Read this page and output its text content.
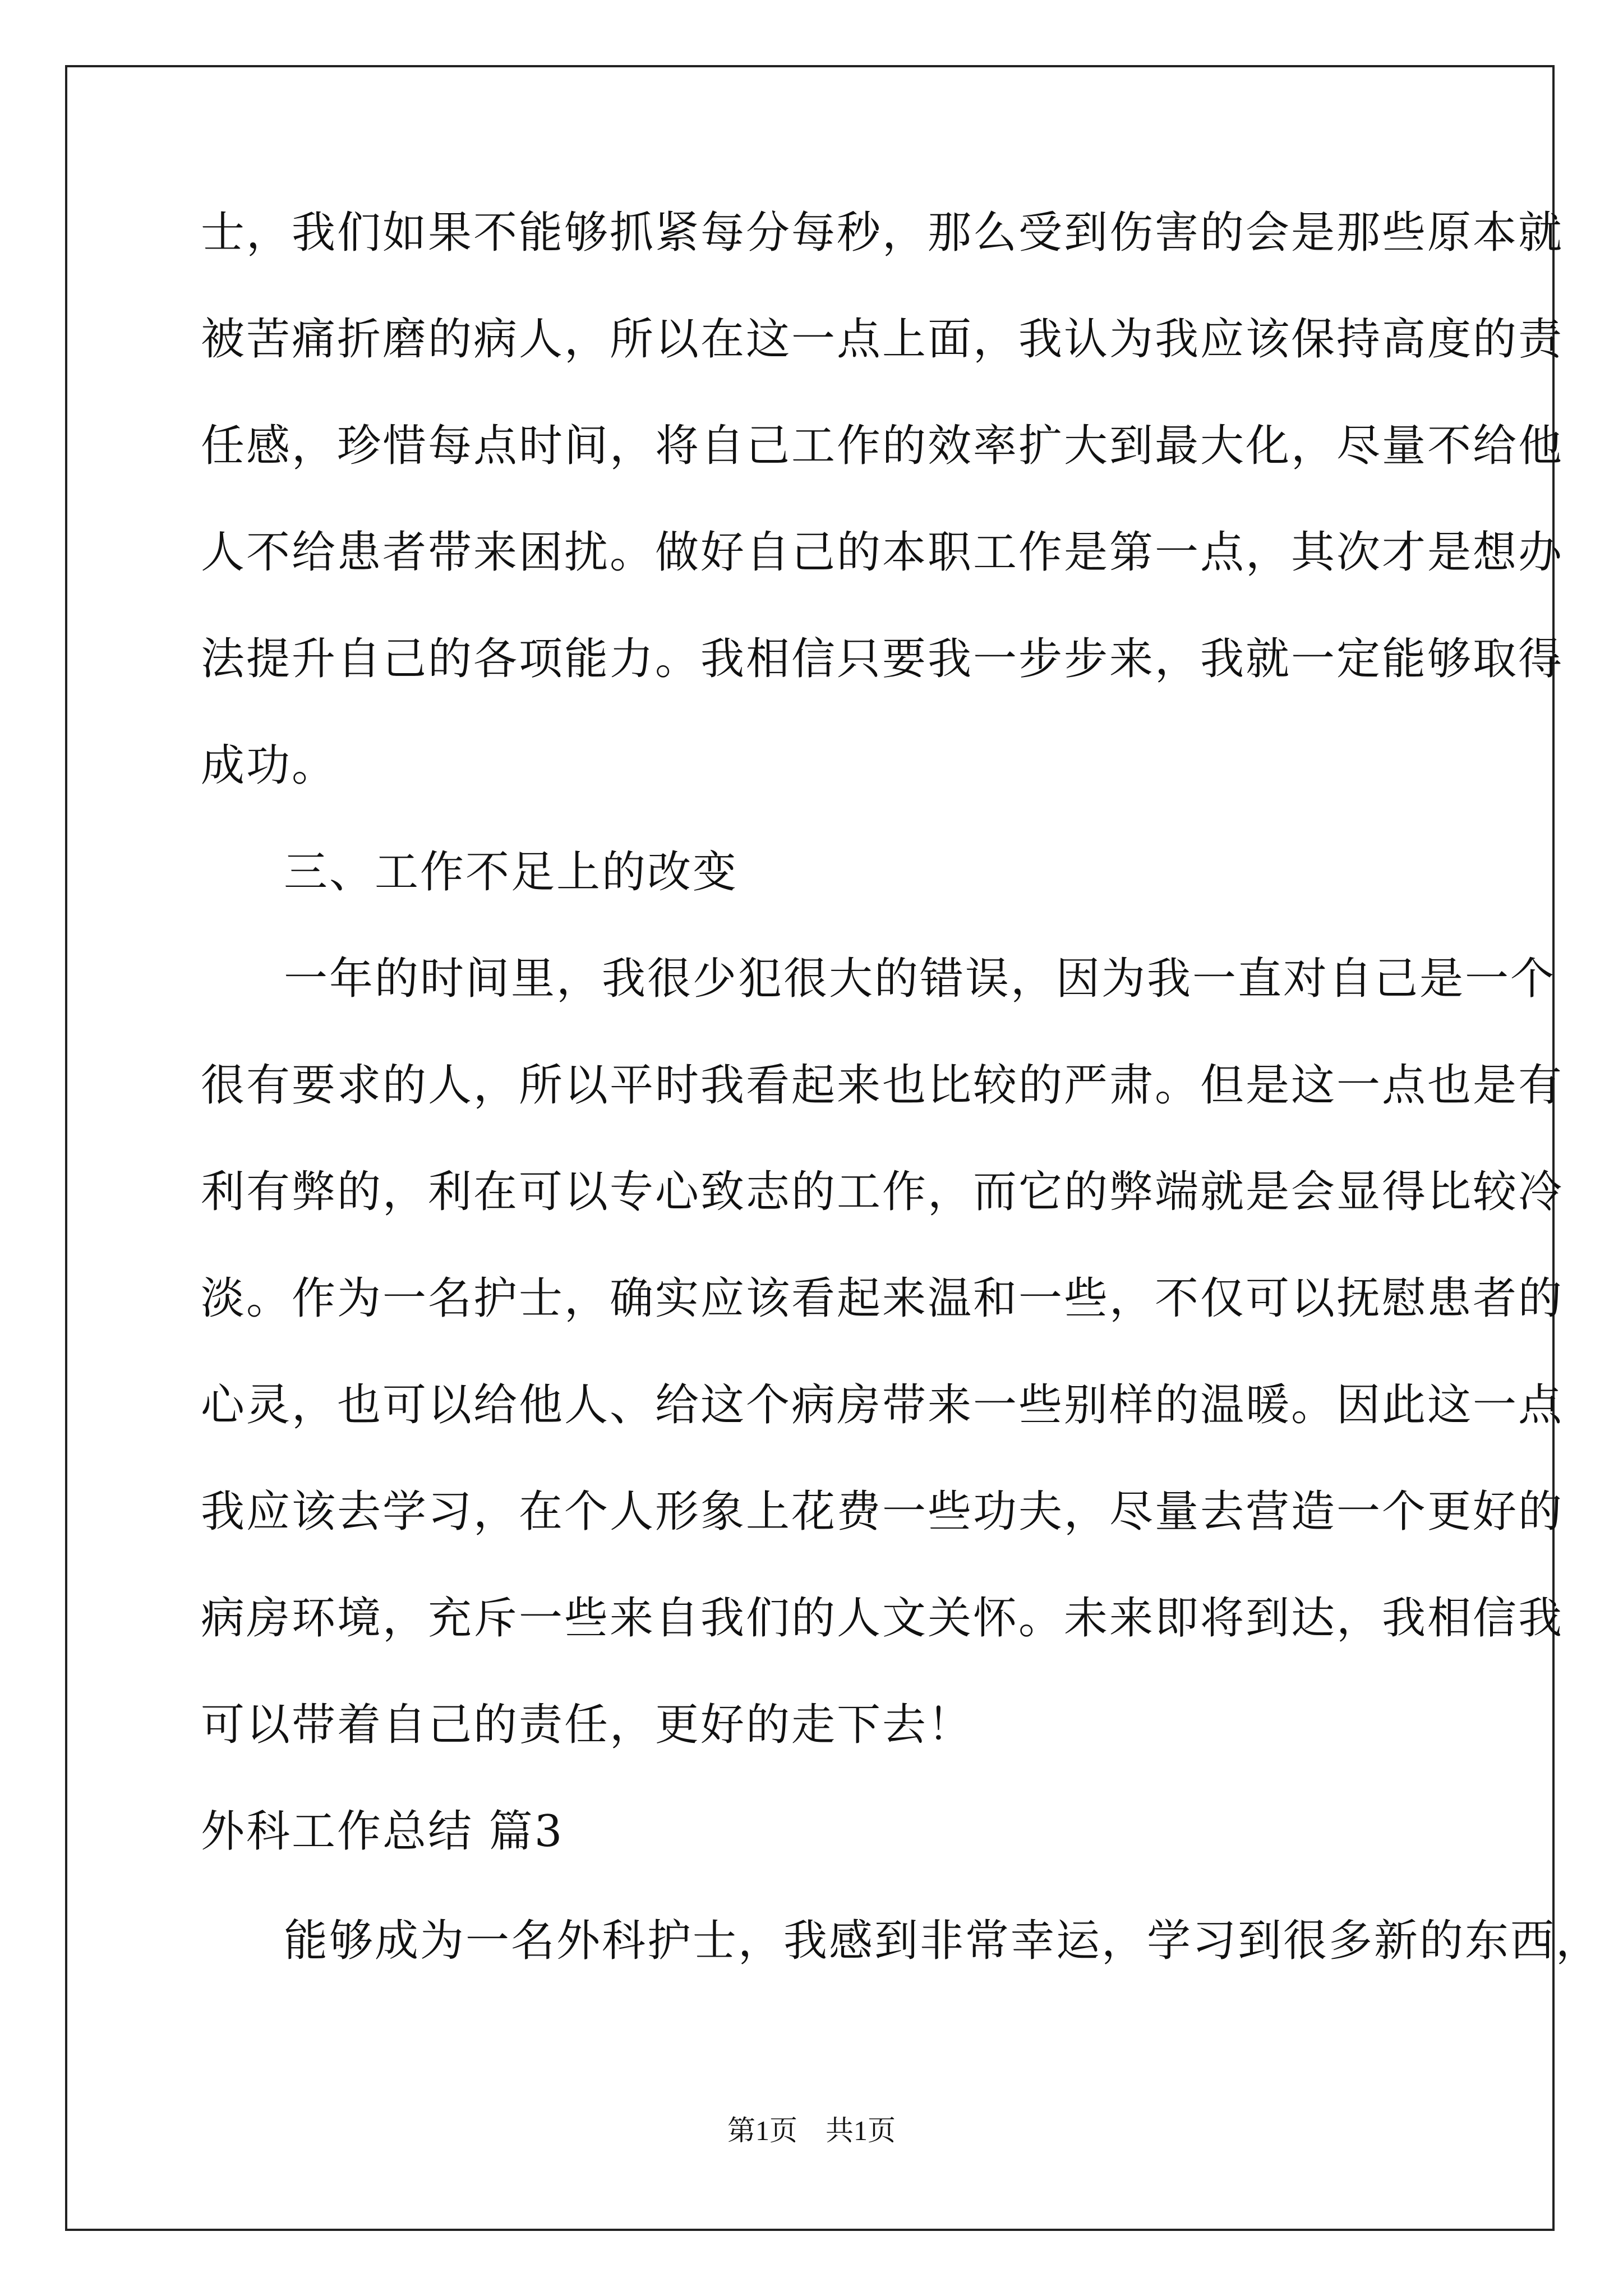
士，我们如果不能够抓紧每分每秒，那么受到伤害的会是那些原本就
被苦痛折磨的病人，所以在这一点上面，我认为我应该保持高度的责
任感，珍惜每点时间，将自己工作的效率扩大到最大化，尽量不给他
人不给患者带来困扰。做好自己的本职工作是第一点，其次才是想办
法提升自己的各项能力。我相信只要我一步步来，我就一定能够取得
成功。
三、工作不足上的改变
一年的时间里，我很少犯很大的错误，因为我一直对自己是一个
很有要求的人，所以平时我看起来也比较的严肃。但是这一点也是有
利有弊的，利在可以专心致志的工作，而它的弊端就是会显得比较冷
淡。作为一名护士，确实应该看起来温和一些，不仅可以抚慰患者的
心灵，也可以给他人、给这个病房带来一些别样的温暖。因此这一点
我应该去学习，在个人形象上花费一些功夫，尽量去营造一个更好的
病房环境，充斥一些来自我们的人文关怀。未来即将到达，我相信我
可以带着自己的责任，更好的走下去！
外科工作总结 篇3
能够成为一名外科护士，我感到非常幸运，学习到很多新的东西，
第1页　共1页
